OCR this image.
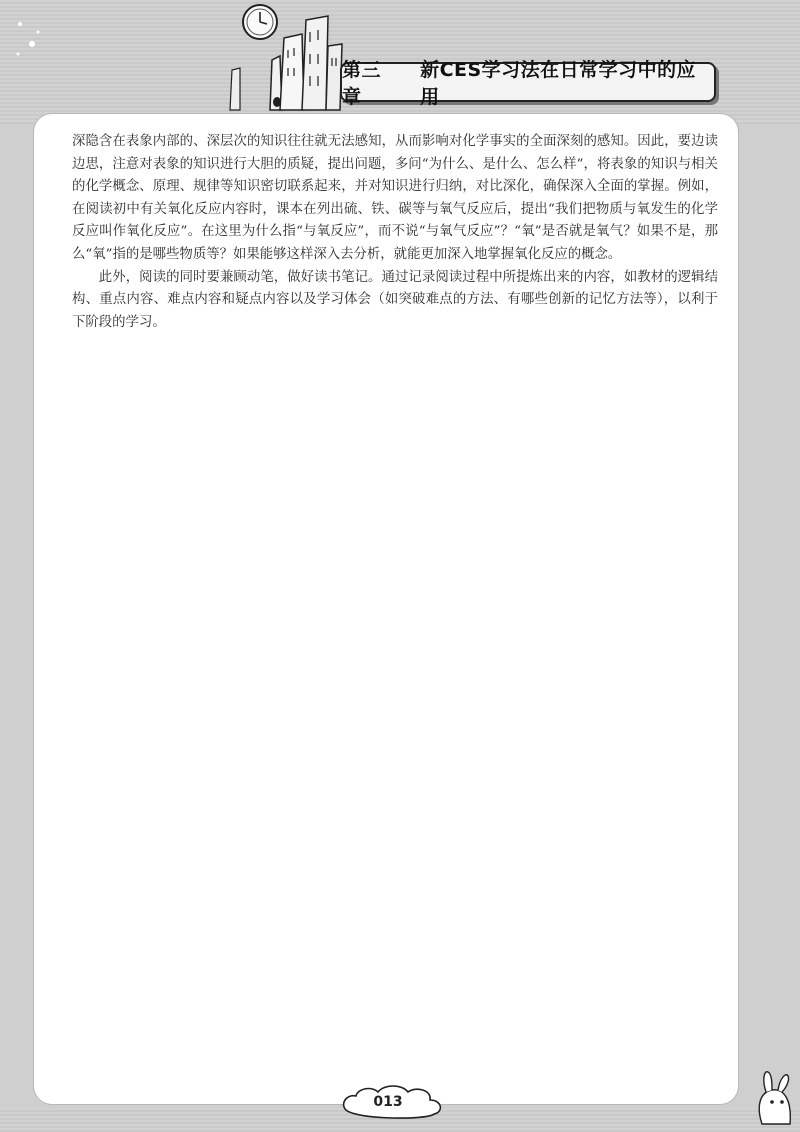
第三章
新CES学习法在日常学习中的应用

深隐含在表象内部的、深层次的知识往往就无法感知，从而影响对化学事实的全面深刻的感知。因此，要边读边思，注意对表象的知识进行大胆的质疑，提出问题，多问“为什么、是什么、怎么样”，将表象的知识与相关的化学概念、原理、规律等知识密切联系起来，并对知识进行归纳，对比深化，确保深入全面的掌握。例如，在阅读初中有关氧化反应内容时，课本在列出硫、铁、碳等与氧气反应后，提出“我们把物质与氧发生的化学反应叫作氧化反应”。在这里为什么指“与氧反应”，而不说“与氧气反应”？“氧”是否就是氧气？如果不是，那么“氧”指的是哪些物质等？如果能够这样深入去分析，就能更加深入地掌握氧化反应的概念。

此外，阅读的同时要兼顾动笔，做好读书笔记。通过记录阅读过程中所提炼出来的内容，如教材的逻辑结构、重点内容、难点内容和疑点内容以及学习体会（如突破难点的方法、有哪些创新的记忆方法等），以利于下阶段的学习。

013
